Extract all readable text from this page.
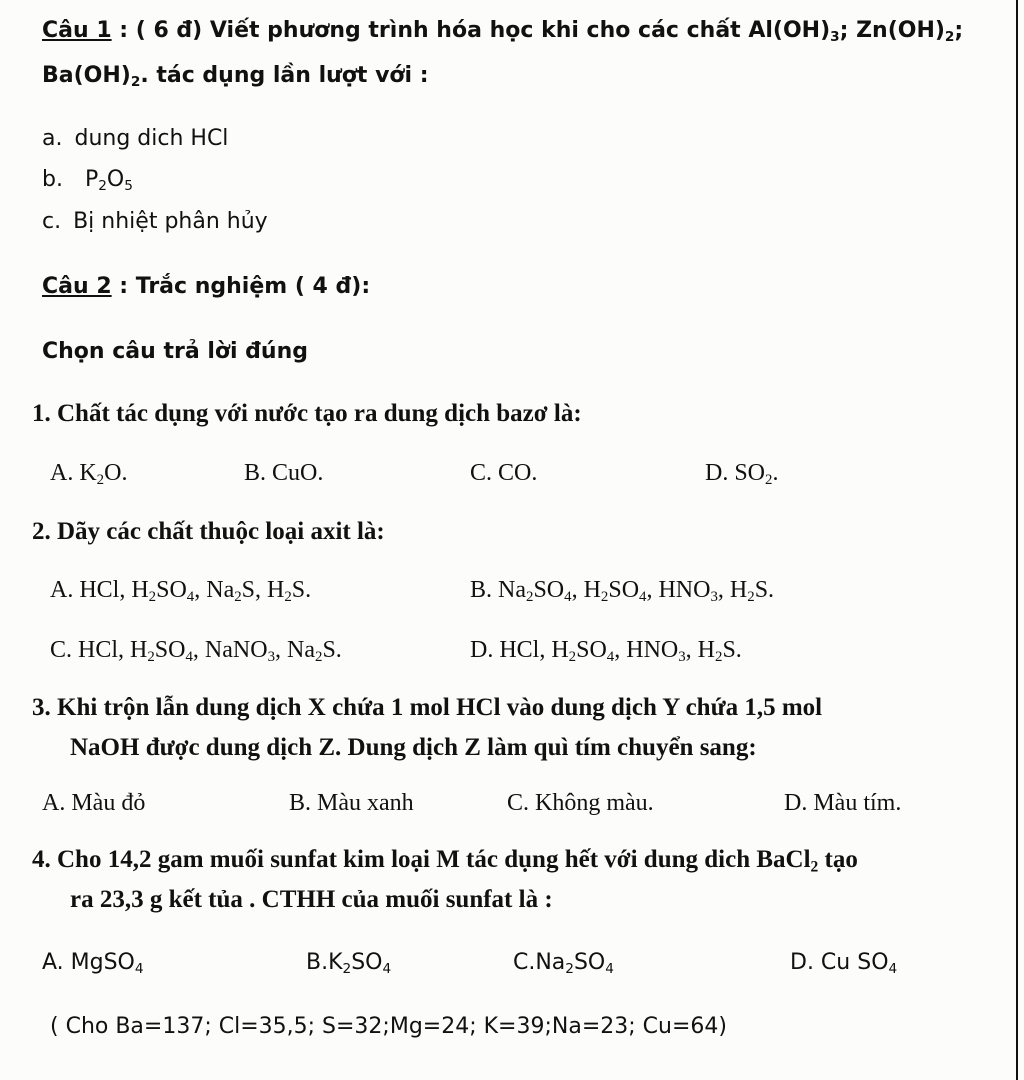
Câu 1 : ( 6 đ) Viết phương trình hóa học khi cho các chất $Al(OH)_3$; $Zn(OH)_2$;
$Ba(OH)_2$. tác dụng lần lượt với :
a. dung dich HCl
b. $P_2O_5$
c. Bị nhiệt phân hủy
Câu 2 : Trắc nghiệm ( 4 đ):
Chọn câu trả lời đúng
1. Chất tác dụng với nước tạo ra dung dịch bazơ là:
A. $K_2O$.	B. CuO.	C. CO.	D. $SO_2$.
2. Dãy các chất thuộc loại axit là:
A. HCl, $H_2SO_4$, $Na_2S$, $H_2S$.	B. $Na_2SO_4$, $H_2SO_4$, $HNO_3$, $H_2S$.
C. HCl, $H_2SO_4$, NaNO$_3$, $Na_2S$.	D. HCl, $H_2SO_4$, $HNO_3$, $H_2S$.
3. Khi trộn lẫn dung dịch X chứa 1 mol HCl vào dung dịch Y chứa 1,5 mol
NaOH được dung dịch Z. Dung dịch Z làm quì tím chuyển sang:
A. Màu đỏ	B. Màu xanh	C. Không màu.	D. Màu tím.
4. Cho 14,2 gam muối sunfat kim loại M tác dụng hết với dung dich BaCl$_2$ tạo
ra 23,3 g kết tủa . CTHH của muối sunfat là :
A. MgSO$_4$	$B.K_2SO_4$	$C.Na_2SO_4$	D. Cu $SO_4$
( Cho Ba=137; Cl=35,5; S=32;Mg=24; K=39;Na=23; Cu=64)
